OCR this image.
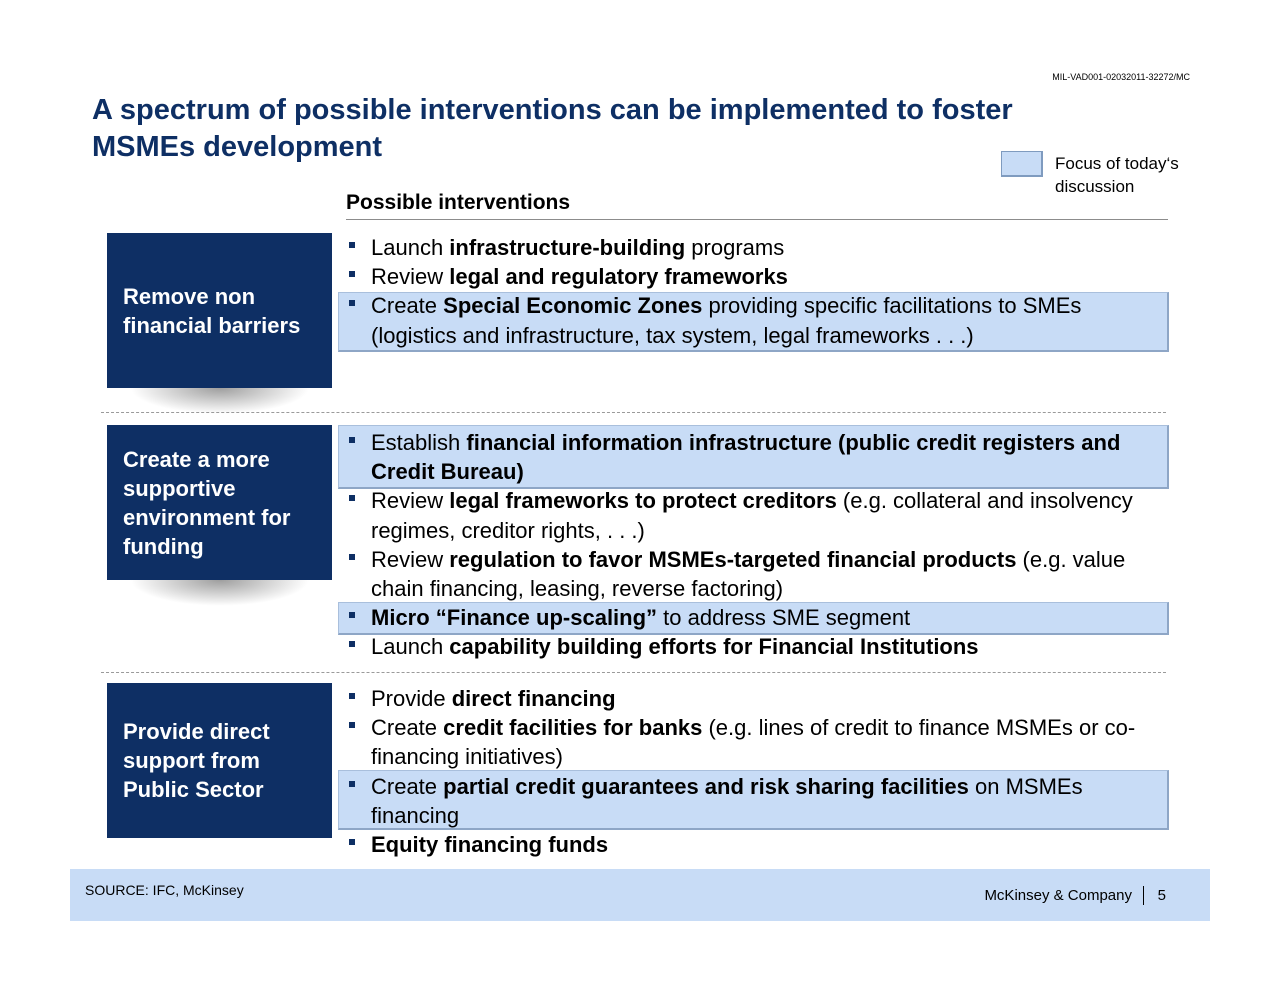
MIL-VAD001-02032011-32272/MC
A spectrum of possible interventions can be implemented to foster MSMEs development
Focus of today‘s discussion
Possible interventions
Remove non financial barriers
Launch infrastructure-building programs
Review legal and regulatory frameworks
Create Special Economic Zones providing specific facilitations to SMEs (logistics and infrastructure, tax system, legal frameworks . . .)
Create a more supportive environment for funding
Establish financial information infrastructure (public credit registers and Credit Bureau)
Review legal frameworks to protect creditors (e.g. collateral and insolvency regimes, creditor rights, . . .)
Review regulation to favor MSMEs-targeted financial products (e.g. value chain financing, leasing, reverse factoring)
Micro “Finance up-scaling” to address SME segment
Launch capability building efforts for Financial Institutions
Provide direct support from Public Sector
Provide direct financing
Create credit facilities for banks (e.g. lines of credit to finance MSMEs or co-financing initiatives)
Create partial credit guarantees and risk sharing facilities on MSMEs financing
Equity financing funds
SOURCE: IFC, McKinsey	McKinsey & Company 5
